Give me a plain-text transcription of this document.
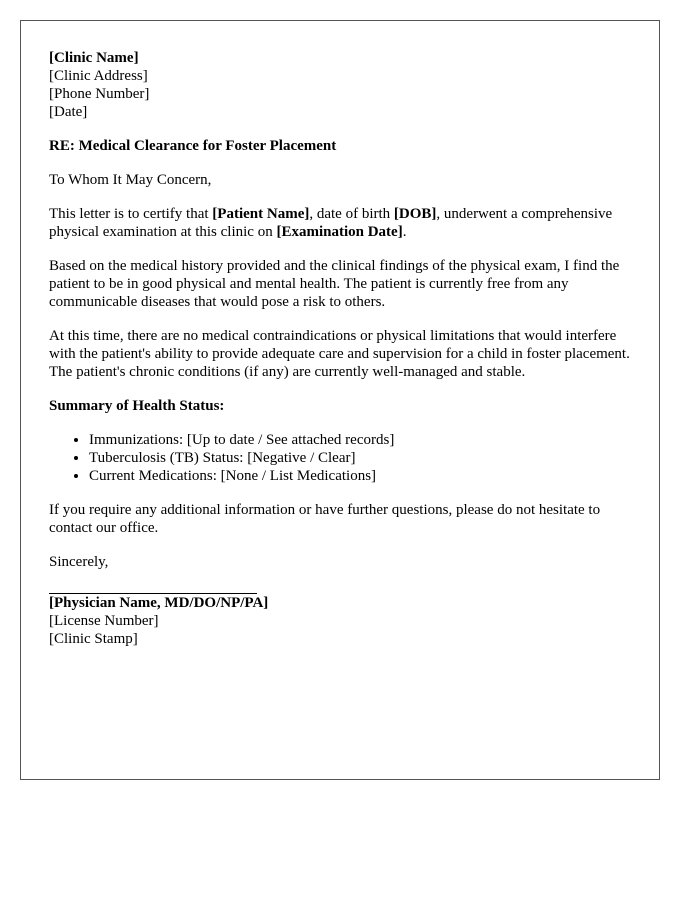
[Clinic Name]
[Clinic Address]
[Phone Number]
[Date]

RE: Medical Clearance for Foster Placement

To Whom It May Concern,

This letter is to certify that [Patient Name], date of birth [DOB], underwent a comprehensive physical examination at this clinic on [Examination Date].

Based on the medical history provided and the clinical findings of the physical exam, I find the patient to be in good physical and mental health. The patient is currently free from any communicable diseases that would pose a risk to others.

At this time, there are no medical contraindications or physical limitations that would interfere with the patient's ability to provide adequate care and supervision for a child in foster placement. The patient's chronic conditions (if any) are currently well-managed and stable.

Summary of Health Status:

• Immunizations: [Up to date / See attached records]
• Tuberculosis (TB) Status: [Negative / Clear]
• Current Medications: [None / List Medications]

If you require any additional information or have further questions, please do not hesitate to contact our office.

Sincerely,

[Physician Name, MD/DO/NP/PA]
[License Number]
[Clinic Stamp]
